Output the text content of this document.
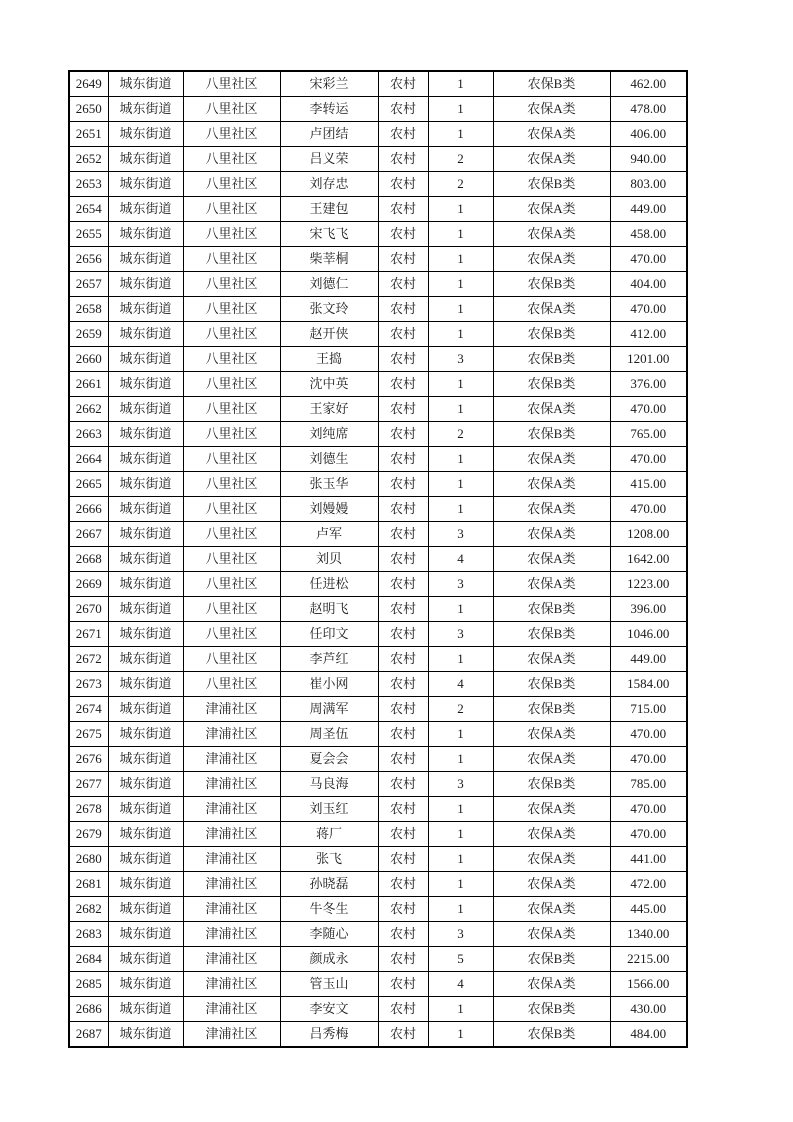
2649	城东街道	八里社区	宋彩兰	农村	1	农保B类	462.00
2650	城东街道	八里社区	李转运	农村	1	农保A类	478.00
2651	城东街道	八里社区	卢团结	农村	1	农保A类	406.00
2652	城东街道	八里社区	吕义荣	农村	2	农保A类	940.00
2653	城东街道	八里社区	刘存忠	农村	2	农保B类	803.00
2654	城东街道	八里社区	王建包	农村	1	农保A类	449.00
2655	城东街道	八里社区	宋飞飞	农村	1	农保A类	458.00
2656	城东街道	八里社区	柴莘桐	农村	1	农保A类	470.00
2657	城东街道	八里社区	刘德仁	农村	1	农保B类	404.00
2658	城东街道	八里社区	张文玲	农村	1	农保A类	470.00
2659	城东街道	八里社区	赵开侠	农村	1	农保B类	412.00
2660	城东街道	八里社区	王捣	农村	3	农保B类	1201.00
2661	城东街道	八里社区	沈中英	农村	1	农保B类	376.00
2662	城东街道	八里社区	王家好	农村	1	农保A类	470.00
2663	城东街道	八里社区	刘纯席	农村	2	农保B类	765.00
2664	城东街道	八里社区	刘德生	农村	1	农保A类	470.00
2665	城东街道	八里社区	张玉华	农村	1	农保A类	415.00
2666	城东街道	八里社区	刘嫚嫚	农村	1	农保A类	470.00
2667	城东街道	八里社区	卢军	农村	3	农保A类	1208.00
2668	城东街道	八里社区	刘贝	农村	4	农保A类	1642.00
2669	城东街道	八里社区	任进松	农村	3	农保A类	1223.00
2670	城东街道	八里社区	赵明飞	农村	1	农保B类	396.00
2671	城东街道	八里社区	任印文	农村	3	农保B类	1046.00
2672	城东街道	八里社区	李芦红	农村	1	农保A类	449.00
2673	城东街道	八里社区	崔小网	农村	4	农保B类	1584.00
2674	城东街道	津浦社区	周满军	农村	2	农保B类	715.00
2675	城东街道	津浦社区	周圣伍	农村	1	农保A类	470.00
2676	城东街道	津浦社区	夏会会	农村	1	农保A类	470.00
2677	城东街道	津浦社区	马良海	农村	3	农保B类	785.00
2678	城东街道	津浦社区	刘玉红	农村	1	农保A类	470.00
2679	城东街道	津浦社区	蒋厂	农村	1	农保A类	470.00
2680	城东街道	津浦社区	张飞	农村	1	农保A类	441.00
2681	城东街道	津浦社区	孙晓磊	农村	1	农保A类	472.00
2682	城东街道	津浦社区	牛冬生	农村	1	农保A类	445.00
2683	城东街道	津浦社区	李随心	农村	3	农保A类	1340.00
2684	城东街道	津浦社区	颜成永	农村	5	农保B类	2215.00
2685	城东街道	津浦社区	管玉山	农村	4	农保A类	1566.00
2686	城东街道	津浦社区	李安文	农村	1	农保B类	430.00
2687	城东街道	津浦社区	吕秀梅	农村	1	农保B类	484.00
